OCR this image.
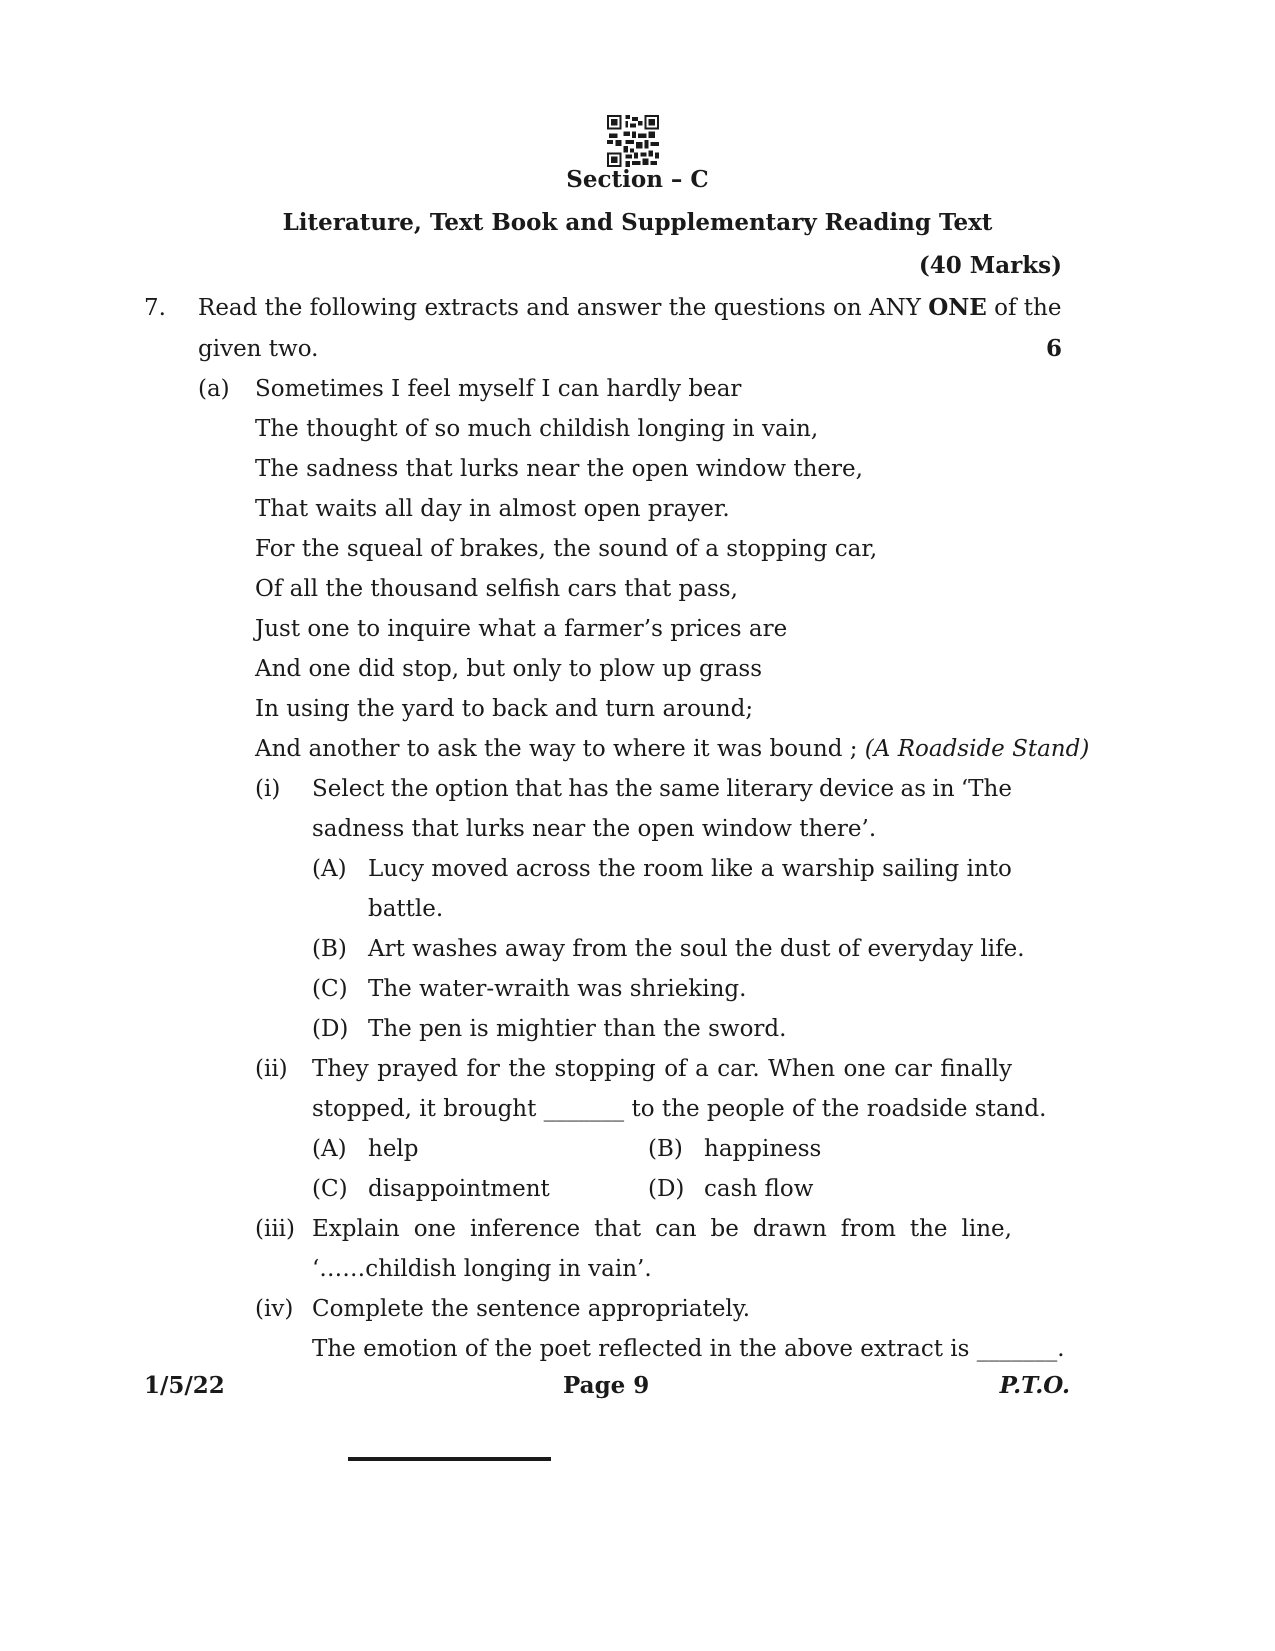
Section – C
Literature, Text Book and Supplementary Reading Text
(40 Marks)
7. Read the following extracts and answer the questions on ANY ONE of the
given two.	6
(a) Sometimes I feel myself I can hardly bear
The thought of so much childish longing in vain,
The sadness that lurks near the open window there,
That waits all day in almost open prayer.
For the squeal of brakes, the sound of a stopping car,
Of all the thousand selfish cars that pass,
Just one to inquire what a farmer’s prices are
And one did stop, but only to plow up grass
In using the yard to back and turn around;
And another to ask the way to where it was bound ; (A Roadside Stand)
(i) Select the option that has the same literary device as in ‘The
sadness that lurks near the open window there’.
(A) Lucy moved across the room like a warship sailing into
battle.
(B) Art washes away from the soul the dust of everyday life.
(C) The water-wraith was shrieking.
(D) The pen is mightier than the sword.
(ii) They prayed for the stopping of a car. When one car finally
stopped, it brought _______ to the people of the roadside stand.
(A) help	(B) happiness
(C) disappointment	(D) cash flow
(iii) Explain one inference that can be drawn from the line,
‘……childish longing in vain’.
(iv) Complete the sentence appropriately.
The emotion of the poet reflected in the above extract is _______.
1/5/22	Page 9	P.T.O.
